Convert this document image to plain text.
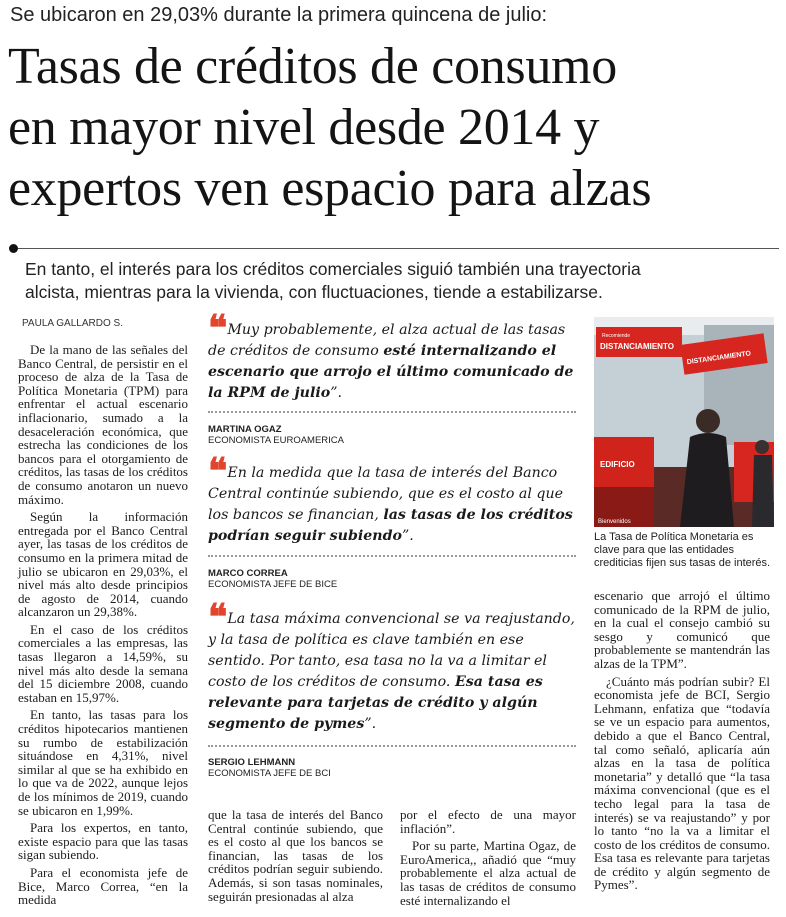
Se ubicaron en 29,03% durante la primera quincena de julio:
Tasas de créditos de consumo
en mayor nivel desde 2014 y
expertos ven espacio para alzas
En tanto, el interés para los créditos comerciales siguió también una trayectoria
alcista, mientras para la vivienda, con fluctuaciones, tiende a estabilizarse.
PAULA GALLARDO S.

De la mano de las señales del Banco Central, de persistir en el proceso de alza de la Tasa de Política Monetaria (TPM) para enfrentar el actual escenario inflacionario, sumado a la desaceleración económica, que estrecha las condiciones de los bancos para el otorgamiento de créditos, las tasas de los créditos de consumo anotaron un nuevo máximo.

Según la información entregada por el Banco Central ayer, las tasas de los créditos de consumo en la primera mitad de julio se ubicaron en 29,03%, el nivel más alto desde principios de agosto de 2014, cuando alcanzaron un 29,38%.

En el caso de los créditos comerciales a las empresas, las tasas llegaron a 14,59%, su nivel más alto desde la semana del 15 diciembre 2008, cuando estaban en 15,97%.

En tanto, las tasas para los créditos hipotecarios mantienen su rumbo de estabilización situándose en 4,31%, nivel similar al que se ha exhibido en lo que va de 2022, aunque lejos de los mínimos de 2019, cuando se ubicaron en 1,99%.

Para los expertos, en tanto, existe espacio para que las tasas sigan subiendo.

Para el economista jefe de Bice, Marco Correa, “en la medida

❝ Muy probablemente, el alza actual de las tasas de créditos de consumo esté internalizando el escenario que arrojo el último comunicado de la RPM de julio”.
MARTINA OGAZ
ECONOMISTA EUROAMERICA
❝ En la medida que la tasa de interés del Banco Central continúe subiendo, que es el costo al que los bancos se financian, las tasas de los créditos podrían seguir subiendo”.
MARCO CORREA
ECONOMISTA JEFE DE BICE
❝ La tasa máxima convencional se va reajustando, y la tasa de política es clave también en ese sentido. Por tanto, esa tasa no la va a limitar el costo de los créditos de consumo. Esa tasa es relevante para tarjetas de crédito y algún segmento de pymes”.
SERGIO LEHMANN
ECONOMISTA JEFE DE BCI

que la tasa de interés del Banco Central continúe subiendo, que es el costo al que los bancos se financian, las tasas de los créditos podrían seguir subiendo. Además, si son tasas nominales, seguirán presionadas al alza

por el efecto de una mayor inflación”.

Por su parte, Martina Ogaz, de EuroAmerica,, añadió que “muy probablemente el alza actual de las tasas de créditos de consumo esté internalizando el

Recomiende
DISTANCIAMIENTO
DISTANCIAMIENTO
EDIFICIO
Bienvenidos
La Tasa de Política Monetaria es clave para que las entidades crediticias fijen sus tasas de interés.

escenario que arrojó el último comunicado de la RPM de julio, en la cual el consejo cambió su sesgo y comunicó que probablemente se mantendrán las alzas de la TPM”.

¿Cuánto más podrían subir? El economista jefe de BCI, Sergio Lehmann, enfatiza que “todavía se ve un espacio para aumentos, debido a que el Banco Central, tal como señaló, aplicaría aún alzas en la tasa de política monetaria” y detalló que “la tasa máxima convencional (que es el techo legal para la tasa de interés) se va reajustando” y por lo tanto “no la va a limitar el costo de los créditos de consumo. Esa tasa es relevante para tarjetas de crédito y algún segmento de Pymes”.
